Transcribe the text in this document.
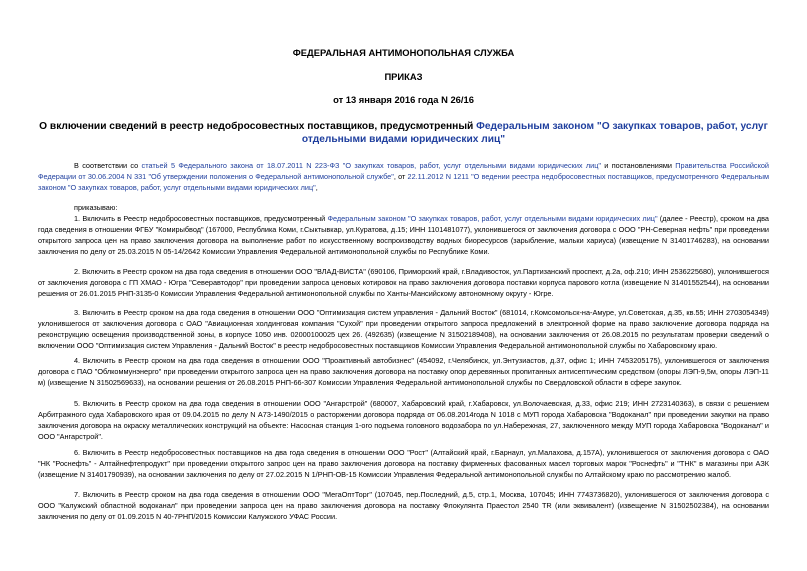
ФЕДЕРАЛЬНАЯ АНТИМОНОПОЛЬНАЯ СЛУЖБА
ПРИКАЗ
от 13 января 2016 года N 26/16
О включении сведений в реестр недобросовестных поставщиков, предусмотренный Федеральным законом "О закупках товаров, работ, услуг отдельными видами юридических лиц"

В соответствии со статьей 5 Федерального закона от 18.07.2011 N 223-ФЗ "О закупках товаров, работ, услуг отдельными видами юридических лиц" и постановлениями Правительства Российской Федерации от 30.06.2004 N 331 "Об утверждении положения о Федеральной антимонопольной службе", от 22.11.2012 N 1211 "О ведении реестра недобросовестных поставщиков, предусмотренного Федеральным законом "О закупках товаров, работ, услуг отдельными видами юридических лиц",

приказываю:

1. Включить в Реестр недобросовестных поставщиков, предусмотренный Федеральным законом "О закупках товаров, работ, услуг отдельными видами юридических лиц" (далее - Реестр), сроком на два года сведения в отношении ФГБУ "Комирыбвод" (167000, Республика Коми, г.Сыктывкар, ул.Куратова, д.15; ИНН 1101481077), уклонившегося от заключения договора с ООО "РН-Северная нефть" при проведении открытого запроса цен на право заключения договора на выполнение работ по искусственному воспроизводству водных биоресурсов (зарыбление, мальки хариуса) (извещение N 31401746283), на основании заключения по делу от 25.03.2015 N 05-14/2642 Комиссии Управления Федеральной антимонопольной службы по Республике Коми.

2. Включить в Реестр сроком на два года сведения в отношении ООО "ВЛАД-ВИСТА" (690106, Приморский край, г.Владивосток, ул.Партизанский проспект, д.2а, оф.210; ИНН 2536225680), уклонившегося от заключения договора с ГП ХМАО - Югра "Северавтодор" при проведении запроса ценовых котировок на право заключения договора поставки корпуса парового котла (извещение N 31401552544), на основании решения от 26.01.2015 РНП-3135-0 Комиссии Управления Федеральной антимонопольной службы по Ханты-Мансийскому автономному округу - Югре.

3. Включить в Реестр сроком на два года сведения в отношении ООО "Оптимизация систем управления - Дальний Восток" (681014, г.Комсомольск-на-Амуре, ул.Советская, д.35, кв.55; ИНН 2703054349) уклонившегося от заключения договора с ОАО "Авиационная холдинговая компания "Сухой" при проведении открытого запроса предложений в электронной форме на право заключение договора подряда на реконструкцию освещения производственной зоны, в корпусе 1050 инв. 02000100025 цех 26. (492635) (извещение N 31502189408), на основании заключения от 26.08.2015 по результатам проверки сведений о включении ООО "Оптимизация систем Управления - Дальний Восток" в реестр недобросовестных поставщиков Комиссии Управления Федеральной антимонопольной службы по Хабаровскому краю.

4. Включить в Реестр сроком на два года сведения в отношении ООО "Проактивный автобизнес" (454092, г.Челябинск, ул.Энтузиастов, д.37, офис 1; ИНН 7453205175), уклонившегося от заключения договора с ПАО "Облкоммунэнерго" при проведении открытого запроса цен на право заключения договора на поставку опор деревянных пропитанных антисептическим средством (опоры ЛЭП-9,5м, опоры ЛЭП-11 м) (извещение N 31502569633), на основании решения от 26.08.2015 РНП-66-307 Комиссии Управления Федеральной антимонопольной службы по Свердловской области в сфере закупок.

5. Включить в Реестр сроком на два года сведения в отношении ООО "Ангарстрой" (680007, Хабаровский край, г.Хабаровск, ул.Волочаевская, д.33, офис 219; ИНН 2723140363), в связи с решением Арбитражного суда Хабаровского края от 09.04.2015 по делу N А73-1490/2015 о расторжении договора подряда от 06.08.2014года N 1018 с МУП города Хабаровска "Водоканал" при проведении закупки на право заключения договора на окраску металлических конструкций на объекте: Насосная станция 1-ого подъема головного водозабора по ул.Набережная, 27, заключенного между МУП города Хабаровска "Водоканал" и ООО "Ангарстрой".

6. Включить в Реестр недобросовестных поставщиков на два года сведения в отношении ООО "Рост" (Алтайский край, г.Барнаул, ул.Малахова, д.157А), уклонившегося от заключения договора с ОАО "НК "Роснефть" - Алтайнефтепродукт" при проведении открытого запрос цен на право заключения договора на поставку фирменных фасованных масел торговых марок "Роснефть" и "ТНК" в магазины при АЗК (извещение N 31401790939), на основании заключения по делу от 27.02.2015 N 1/РНП-ОВ-15 Комиссии Управления Федеральной антимонопольной службы по Алтайскому краю по рассмотрению жалоб.

7. Включить в Реестр сроком на два года сведения в отношении ООО "МегаОптТорг" (107045, пер.Последний, д.5, стр.1, Москва, 107045; ИНН 7743736820), уклонившегося от заключения договора с ООО "Калужский областной водоканал" при проведении запроса цен на право заключения договора на поставку Флокулянта Праестол 2540 TR (или эквивалент) (извещение N 31502502384), на основании заключения по делу от 01.09.2015 N 40-7РНП/2015 Комиссии Калужского УФАС России.
